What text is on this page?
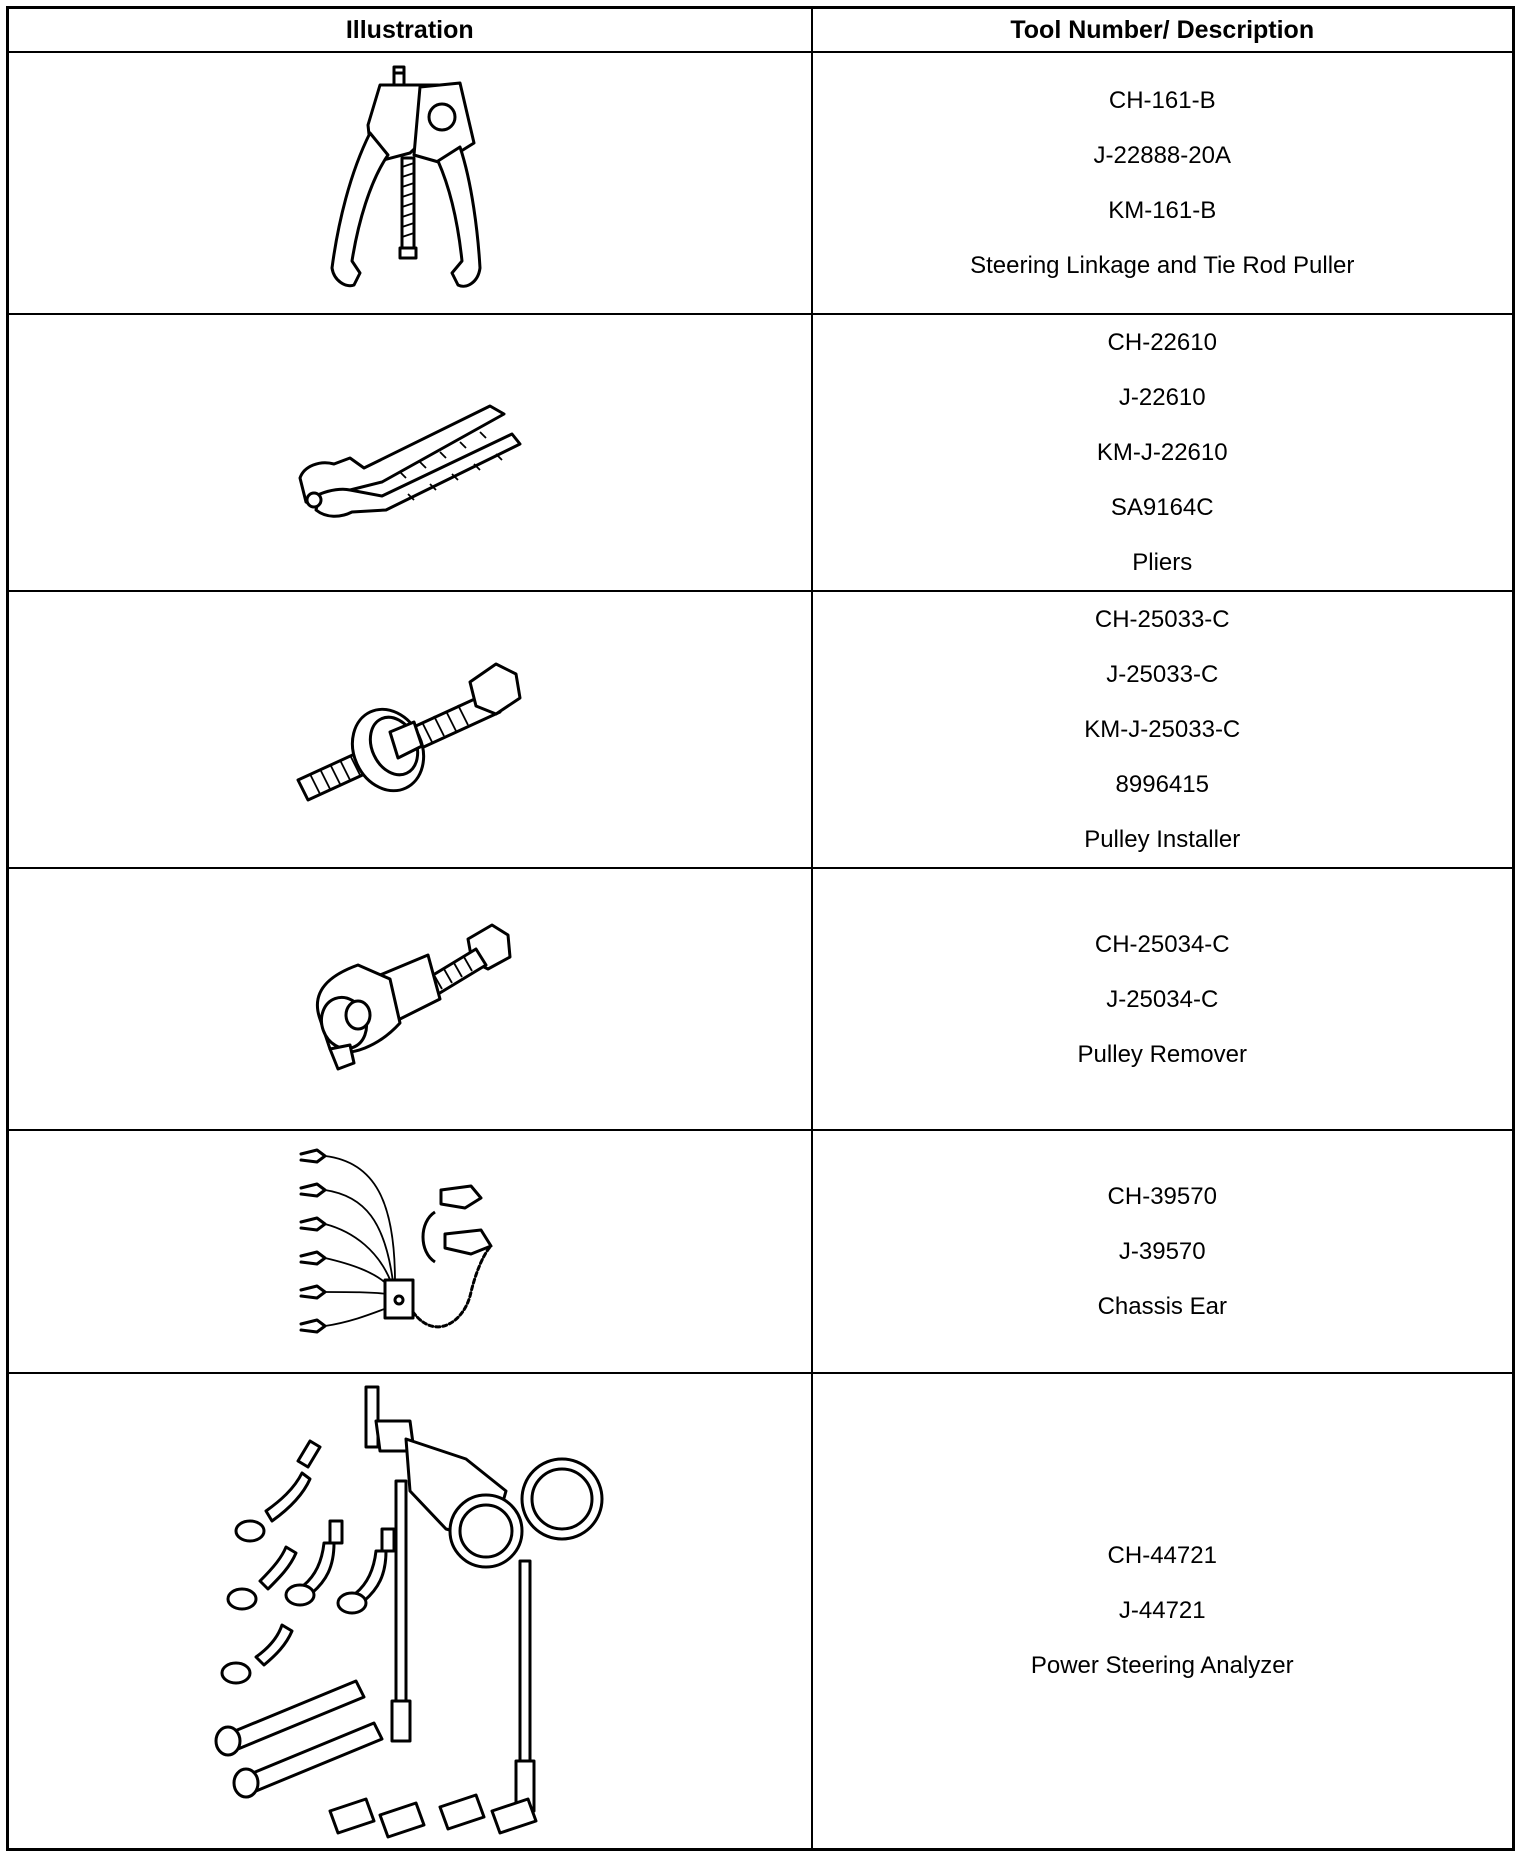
Illustration	Tool Number/ Description

CH-161-B
J-22888-20A
KM-161-B
Steering Linkage and Tie Rod Puller

CH-22610
J-22610
KM-J-22610
SA9164C
Pliers

CH-25033-C
J-25033-C
KM-J-25033-C
8996415
Pulley Installer

CH-25034-C
J-25034-C
Pulley Remover

CH-39570
J-39570
Chassis Ear

CH-44721
J-44721
Power Steering Analyzer
